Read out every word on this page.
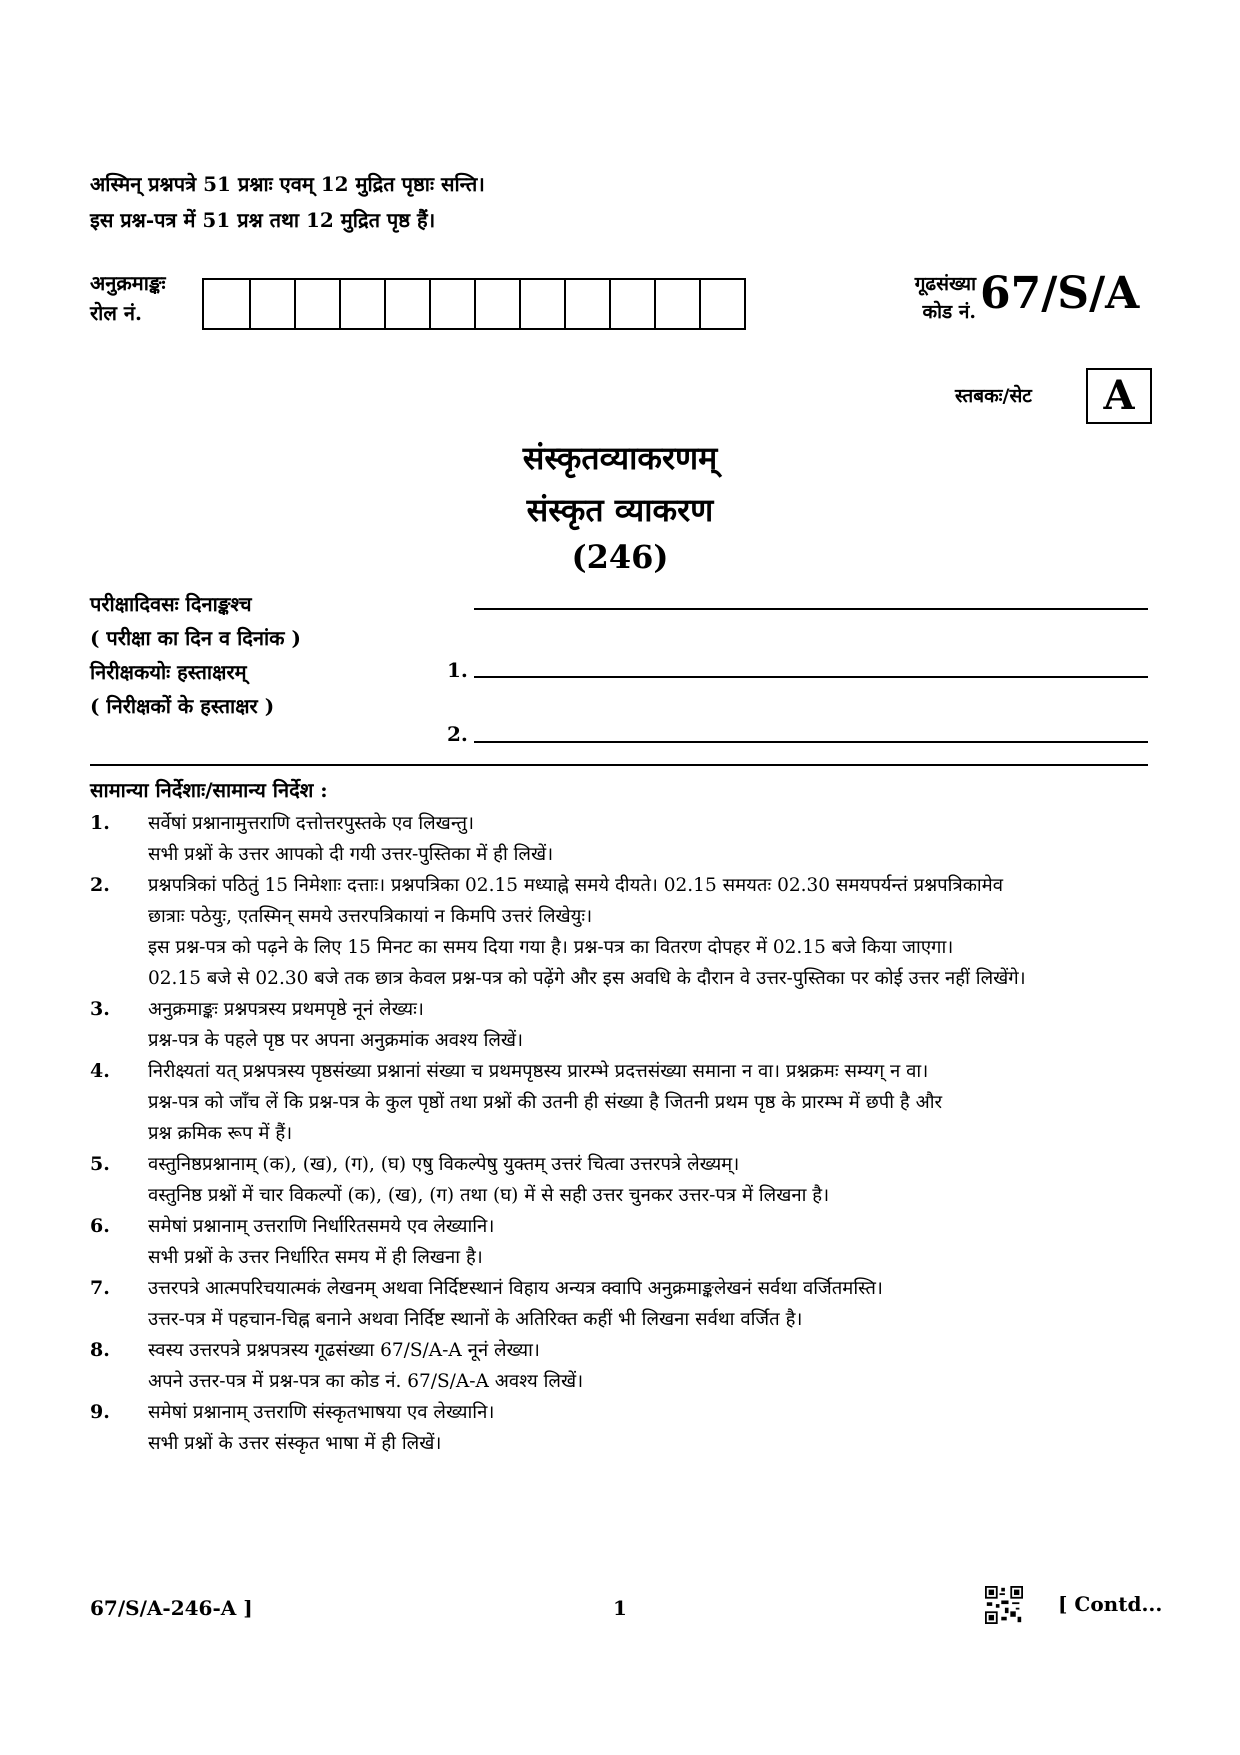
अस्मिन् प्रश्नपत्रे 51 प्रश्नाः एवम् 12 मुद्रित पृष्ठाः सन्ति।
इस प्रश्न-पत्र में 51 प्रश्न तथा 12 मुद्रित पृष्ठ हैं।
अनुक्रमाङ्कः
रोल नं.
गूढसंख्या
कोड नं. 67/S/A
स्तबकः/सेट	A
संस्कृतव्याकरणम्
संस्कृत व्याकरण
(246)
परीक्षादिवसः दिनाङ्कश्च
( परीक्षा का दिन व दिनांक )
निरीक्षकयोः हस्ताक्षरम्
( निरीक्षकों के हस्ताक्षर )
1.
2.
सामान्या निर्देशाः/सामान्य निर्देश :
1.	सर्वेषां प्रश्नानामुत्तराणि दत्तोत्तरपुस्तके एव लिखन्तु।
सभी प्रश्नों के उत्तर आपको दी गयी उत्तर-पुस्तिका में ही लिखें।
2.	प्रश्नपत्रिकां पठितुं 15 निमेशाः दत्ताः। प्रश्नपत्रिका 02.15 मध्याह्ने समये दीयते। 02.15 समयतः 02.30 समयपर्यन्तं प्रश्नपत्रिकामेव
छात्राः पठेयुः, एतस्मिन् समये उत्तरपत्रिकायां न किमपि उत्तरं लिखेयुः।
इस प्रश्न-पत्र को पढ़ने के लिए 15 मिनट का समय दिया गया है। प्रश्न-पत्र का वितरण दोपहर में 02.15 बजे किया जाएगा।
02.15 बजे से 02.30 बजे तक छात्र केवल प्रश्न-पत्र को पढ़ेंगे और इस अवधि के दौरान वे उत्तर-पुस्तिका पर कोई उत्तर नहीं लिखेंगे।
3.	अनुक्रमाङ्कः प्रश्नपत्रस्य प्रथमपृष्ठे नूनं लेख्यः।
प्रश्न-पत्र के पहले पृष्ठ पर अपना अनुक्रमांक अवश्य लिखें।
4.	निरीक्ष्यतां यत् प्रश्नपत्रस्य पृष्ठसंख्या प्रश्नानां संख्या च प्रथमपृष्ठस्य प्रारम्भे प्रदत्तसंख्या समाना न वा। प्रश्नक्रमः सम्यग् न वा।
प्रश्न-पत्र को जाँच लें कि प्रश्न-पत्र के कुल पृष्ठों तथा प्रश्नों की उतनी ही संख्या है जितनी प्रथम पृष्ठ के प्रारम्भ में छपी है और
प्रश्न क्रमिक रूप में हैं।
5.	वस्तुनिष्ठप्रश्नानाम् (क), (ख), (ग), (घ) एषु विकल्पेषु युक्तम् उत्तरं चित्वा उत्तरपत्रे लेख्यम्।
वस्तुनिष्ठ प्रश्नों में चार विकल्पों (क), (ख), (ग) तथा (घ) में से सही उत्तर चुनकर उत्तर-पत्र में लिखना है।
6.	समेषां प्रश्नानाम् उत्तराणि निर्धारितसमये एव लेख्यानि।
सभी प्रश्नों के उत्तर निर्धारित समय में ही लिखना है।
7.	उत्तरपत्रे आत्मपरिचयात्मकं लेखनम् अथवा निर्दिष्टस्थानं विहाय अन्यत्र क्वापि अनुक्रमाङ्कलेखनं सर्वथा वर्जितमस्ति।
उत्तर-पत्र में पहचान-चिह्न बनाने अथवा निर्दिष्ट स्थानों के अतिरिक्त कहीं भी लिखना सर्वथा वर्जित है।
8.	स्वस्य उत्तरपत्रे प्रश्नपत्रस्य गूढसंख्या 67/S/A-A नूनं लेख्या।
अपने उत्तर-पत्र में प्रश्न-पत्र का कोड नं. 67/S/A-A अवश्य लिखें।
9.	समेषां प्रश्नानाम् उत्तराणि संस्कृतभाषया एव लेख्यानि।
सभी प्रश्नों के उत्तर संस्कृत भाषा में ही लिखें।
67/S/A-246-A ]	1	[ Contd...
